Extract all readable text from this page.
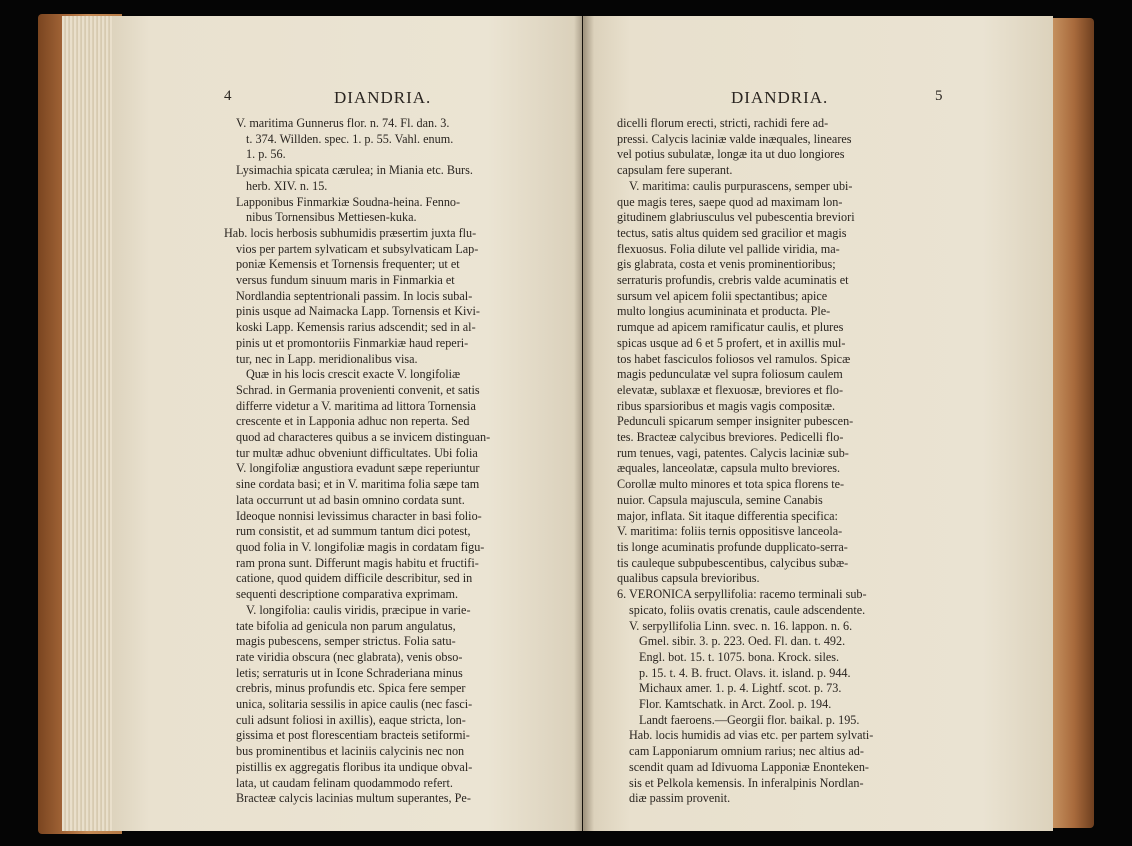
4	DIANDRIA.
V. maritima Gunnerus flor. n. 74. Fl. dan. 3.
t. 374. Willden. spec. 1. p. 55. Vahl. enum.
1. p. 56.
Lysimachia spicata cærulea; in Miania etc. Burs.
herb. XIV. n. 15.
Lapponibus Finmarkiæ Soudna-heina. Fenno-
nibus Tornensibus Mettiesen-kuka.
Hab. locis herbosis subhumidis præsertim juxta flu-
vios per partem sylvaticam et subsylvaticam Lap-
poniæ Kemensis et Tornensis frequenter; ut et
versus fundum sinuum maris in Finmarkia et
Nordlandia septentrionali passim. In locis subal-
pinis usque ad Naimacka Lapp. Tornensis et Kivi-
koski Lapp. Kemensis rarius adscendit; sed in al-
pinis ut et promontoriis Finmarkiæ haud reperi-
tur, nec in Lapp. meridionalibus visa.
Quæ in his locis crescit exacte V. longifoliæ
Schrad. in Germania provenienti convenit, et satis
differre videtur a V. maritima ad littora Tornensia
crescente et in Lapponia adhuc non reperta. Sed
quod ad characteres quibus a se invicem distinguan-
tur multæ adhuc obveniunt difficultates. Ubi folia
V. longifoliæ angustiora evadunt sæpe reperiuntur
sine cordata basi; et in V. maritima folia sæpe tam
lata occurrunt ut ad basin omnino cordata sunt.
Ideoque nonnisi levissimus character in basi folio-
rum consistit, et ad summum tantum dici potest,
quod folia in V. longifoliæ magis in cordatam figu-
ram prona sunt. Differunt magis habitu et fructifi-
catione, quod quidem difficile describitur, sed in
sequenti descriptione comparativa exprimam.
V. longifolia: caulis viridis, præcipue in varie-
tate bifolia ad genicula non parum angulatus,
magis pubescens, semper strictus. Folia satu-
rate viridia obscura (nec glabrata), venis obso-
letis; serraturis ut in Icone Schraderiana minus
crebris, minus profundis etc. Spica fere semper
unica, solitaria sessilis in apice caulis (nec fasci-
culi adsunt foliosi in axillis), eaque stricta, lon-
gissima et post florescentiam bracteis setiformi-
bus prominentibus et laciniis calycinis nec non
pistillis ex aggregatis floribus ita undique obval-
lata, ut caudam felinam quodammodo refert.
Bracteæ calycis lacinias multum superantes, Pe-
DIANDRIA.	5
dicelli florum erecti, stricti, rachidi fere ad-
pressi. Calycis laciniæ valde inæquales, lineares
vel potius subulatæ, longæ ita ut duo longiores
capsulam fere superant.
V. maritima: caulis purpurascens, semper ubi-
que magis teres, saepe quod ad maximam lon-
gitudinem glabriusculus vel pubescentia breviori
tectus, satis altus quidem sed gracilior et magis
flexuosus. Folia dilute vel pallide viridia, ma-
gis glabrata, costa et venis prominentioribus;
serraturis profundis, crebris valde acuminatis et
sursum vel apicem folii spectantibus; apice
multo longius acumininata et producta. Ple-
rumque ad apicem ramificatur caulis, et plures
spicas usque ad 6 et 5 profert, et in axillis mul-
tos habet fasciculos foliosos vel ramulos. Spicæ
magis pedunculatæ vel supra foliosum caulem
elevatæ, sublaxæ et flexuosæ, breviores et flo-
ribus sparsioribus et magis vagis compositæ.
Pedunculi spicarum semper insigniter pubescen-
tes. Bracteæ calycibus breviores. Pedicelli flo-
rum tenues, vagi, patentes. Calycis laciniæ sub-
æquales, lanceolatæ, capsula multo breviores.
Corollæ multo minores et tota spica florens te-
nuior. Capsula majuscula, semine Canabis
major, inflata. Sit itaque differentia specifica:
V. maritima: foliis ternis oppositisve lanceola-
tis longe acuminatis profunde dupplicato-serra-
tis cauleque subpubescentibus, calycibus subæ-
qualibus capsula brevioribus.
6. VERONICA serpyllifolia: racemo terminali sub-
spicato, foliis ovatis crenatis, caule adscendente.
V. serpyllifolia Linn. svec. n. 16. lappon. n. 6.
Gmel. sibir. 3. p. 223. Oed. Fl. dan. t. 492.
Engl. bot. 15. t. 1075. bona. Krock. siles.
p. 15. t. 4. B. fruct. Olavs. it. island. p. 944.
Michaux amer. 1. p. 4. Lightf. scot. p. 73.
Flor. Kamtschatk. in Arct. Zool. p. 194.
Landt faeroens.—Georgii flor. baikal. p. 195.
Hab. locis humidis ad vias etc. per partem sylvati-
cam Lapponiarum omnium rarius; nec altius ad-
scendit quam ad Idivuoma Lapponiæ Enonteken-
sis et Pelkola kemensis. In inferalpinis Nordlan-
diæ passim provenit.
